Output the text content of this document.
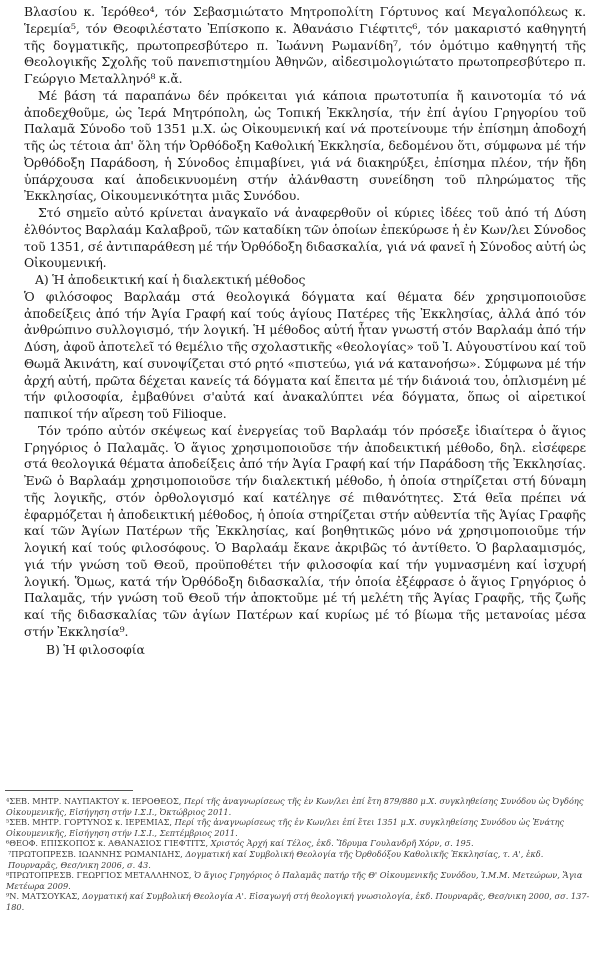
Βλασίου κ. Ἱερόθεο⁴, τόν Σεβασμιώτατο Μητροπολίτη Γόρτυνος καί Μεγαλοπόλεως κ. Ἱερεμία⁵, τόν Θεοφιλέστατο Ἐπίσκοπο κ. Ἀθανάσιο Γιέφτιτς⁶, τόν μακαριστό καθηγητή τῆς δογματικῆς, πρωτοπρεσβύτερο π. Ἰωάννη Ρωμανίδη⁷, τόν ὁμότιμο καθηγητή τῆς Θεολογικῆς Σχολῆς τοῦ πανεπιστημίου Ἀθηνῶν, αἰδεσιμολογιώτατο πρωτοπρεσβύτερο π. Γεώργιο Μεταλληνό⁸ κ.ἄ.

Μέ βάση τά παραπάνω δέν πρόκειται γιά κάποια πρωτοτυπία ἤ καινοτομία τό νά ἀποδεχθοῦμε, ὡς Ἱερά Μητρόπολη, ὡς Τοπική Ἐκκλησία, τήν ἐπί ἁγίου Γρηγορίου τοῦ Παλαμᾶ Σύνοδο τοῦ 1351 μ.Χ. ὡς Οἰκουμενική καί νά προτείνουμε τήν ἐπίσημη ἀποδοχή τῆς ὡς τέτοια ἀπ' ὅλη τήν Ὀρθόδοξη Καθολική Ἐκκλησία, δεδομένου ὅτι, σύμφωνα μέ τήν Ὀρθόδοξη Παράδοση, ἡ Σύνοδος ἐπιμαβίνει, γιά νά διακηρύξει, ἐπίσημα πλέον, τήν ἤδη ὑπάρχουσα καί ἀποδεικνυομένη στήν ἀλάνθαστη συνείδηση τοῦ πληρώματος τῆς Ἐκκλησίας, Οἰκουμενικότητα μιᾶς Συνόδου.

Στό σημεῖο αὐτό κρίνεται ἀναγκαῖο νά ἀναφερθοῦν οἱ κύριες ἰδέες τοῦ ἀπό τή Δύση ἐλθόντος Βαρλαάμ Καλαβροῦ, τῶν καταδίκη τῶν ὁποίων ἐπεκύρωσε ἡ ἐν Κων/λει Σύνοδος τοῦ 1351, σέ ἀντιπαράθεση μέ τήν Ὀρθόδοξη διδασκαλία, γιά νά φανεῖ ἡ Σύνοδος αὐτή ὡς Οἰκουμενική.

Α) Ἡ ἀποδεικτική καί ἡ διαλεκτική μέθοδος

Ὁ φιλόσοφος Βαρλαάμ στά θεολογικά δόγματα καί θέματα δέν χρησιμοποιοῦσε ἀποδείξεις ἀπό τήν Ἁγία Γραφή καί τούς ἁγίους Πατέρες τῆς Ἐκκλησίας, ἀλλά ἀπό τόν ἀνθρώπινο συλλογισμό, τήν λογική. Ἡ μέθοδος αὐτή ἦταν γνωστή στόν Βαρλαάμ ἀπό τήν Δύση, ἀφοῦ ἀποτελεῖ τό θεμέλιο τῆς σχολαστικῆς «θεολογίας» τοῦ Ἰ. Αὐγουστίνου καί τοῦ Θωμᾶ Ἀκινάτη, καί συνοψίζεται στό ρητό «πιστεύω, γιά νά κατανοήσω». Σύμφωνα μέ τήν ἀρχή αὐτή, πρῶτα δέχεται κανείς τά δόγματα καί ἔπειτα μέ τήν διάνοιά του, ὁπλισμένη μέ τήν φιλοσοφία, ἐμβαθύνει σ'αὐτά καί ἀνακαλύπτει νέα δόγματα, ὅπως οἱ αἱρετικοί παπικοί τήν αἵρεση τοῦ Filioque.

Τόν τρόπο αὐτόν σκέψεως καί ἐνεργείας τοῦ Βαρλαάμ τόν πρόσεξε ἰδιαίτερα ὁ ἅγιος Γρηγόριος ὁ Παλαμᾶς. Ὁ ἅγιος χρησιμοποιοῦσε τήν ἀποδεικτική μέθοδο, δηλ. εἰσέφερε στά θεολογικά θέματα ἀποδείξεις ἀπό τήν Ἁγία Γραφή καί τήν Παράδοση τῆς Ἐκκλησίας. Ἐνῶ ὁ Βαρλαάμ χρησιμοποιοῦσε τήν διαλεκτική μέθοδο, ἡ ὁποία στηρίζεται στή δύναμη τῆς λογικῆς, στόν ὀρθολογισμό καί κατέληγε σέ πιθανότητες. Στά θεῖα πρέπει νά ἐφαρμόζεται ἡ ἀποδεικτική μέθοδος, ἡ ὁποία στηρίζεται στήν αὐθεντία τῆς Ἁγίας Γραφῆς καί τῶν Ἁγίων Πατέρων τῆς Ἐκκλησίας, καί βοηθητικῶς μόνο νά χρησιμοποιοῦμε τήν λογική καί τούς φιλοσόφους. Ὁ Βαρλαάμ ἔκανε ἀκριβῶς τό ἀντίθετο. Ὁ βαρλααμισμός, γιά τήν γνώση τοῦ Θεοῦ, προϋποθέτει τήν φιλοσοφία καί τήν γυμνασμένη καί ἰσχυρή λογική. Ὅμως, κατά τήν Ὀρθόδοξη διδασκαλία, τήν ὁποία ἐξέφρασε ὁ ἅγιος Γρηγόριος ὁ Παλαμᾶς, τήν γνώση τοῦ Θεοῦ τήν ἀποκτοῦμε μέ τή μελέτη τῆς Ἁγίας Γραφῆς, τῆς ζωῆς καί τῆς διδασκαλίας τῶν ἁγίων Πατέρων καί κυρίως μέ τό βίωμα τῆς μετανοίας μέσα στήν Ἐκκλησία⁹.

Β) Ἡ φιλοσοφία

⁴ΣΕΒ. ΜΗΤΡ. ΝΑΥΠΑΚΤΟΥ κ. ΙΕΡΟΘΕΟΣ, Περί τῆς ἀναγνωρίσεως τῆς ἐν Κων/λει ἐπί ἔτη 879/880 μ.Χ. συγκληθείσης Συνόδου ὡς Ὀγδόης Οἰκουμενικῆς, Εἰσήγηση στήν Ι.Σ.Ι., Ὀκτώβριος 2011.

⁵ΣΕΒ. ΜΗΤΡ. ΓΟΡΤΥΝΟΣ κ. ΙΕΡΕΜΙΑΣ, Περί τῆς ἀναγνωρίσεως τῆς ἐν Κων/λει ἐπί ἔτει 1351 μ.Χ. συγκληθείσης Συνόδου ὡς Ἐνάτης Οἰκουμενικῆς, Εἰσήγηση στήν Ι.Σ.Ι., Σεπτέμβριος 2011.

⁶ΘΕΟΦ. ΕΠΙΣΚΟΠΟΣ κ. ΑΘΑΝΑΣΙΟΣ ΓΙΕΦΤΙΤΣ, Χριστός Ἀρχή καί Τέλος, ἐκδ. Ἵδρυμα Γουλανδρῆ Χόρν, σ. 195.

⁷ΠΡΩΤΟΠΡΕΣΒ. ΙΩΑΝΝΗΣ ΡΩΜΑΝΙΔΗΣ, Δογματική καί Συμβολική Θεολογία τῆς Ὀρθοδόξου Καθολικῆς Ἐκκλησίας, τ. Α', ἐκδ. Πουρναρᾶς, Θεσ/νικη 2006, σ. 43.

⁸ΠΡΩΤΟΠΡΕΣΒ. ΓΕΩΡΓΙΟΣ ΜΕΤΑΛΛΗΝΟΣ, Ὁ ἅγιος Γρηγόριος ὁ Παλαμᾶς πατήρ τῆς Θ' Οἰκουμενικῆς Συνόδου, Ἱ.Μ.Μ. Μετεώρων, Ἅγια Μετέωρα 2009.

⁹Ν. ΜΑΤΣΟΥΚΑΣ, Δογματική καί Συμβολική Θεολογία Α'. Εἰσαγωγή στή θεολογική γνωσιολογία, ἐκδ. Πουρναρᾶς, Θεσ/νικη 2000, σσ. 137-180.
